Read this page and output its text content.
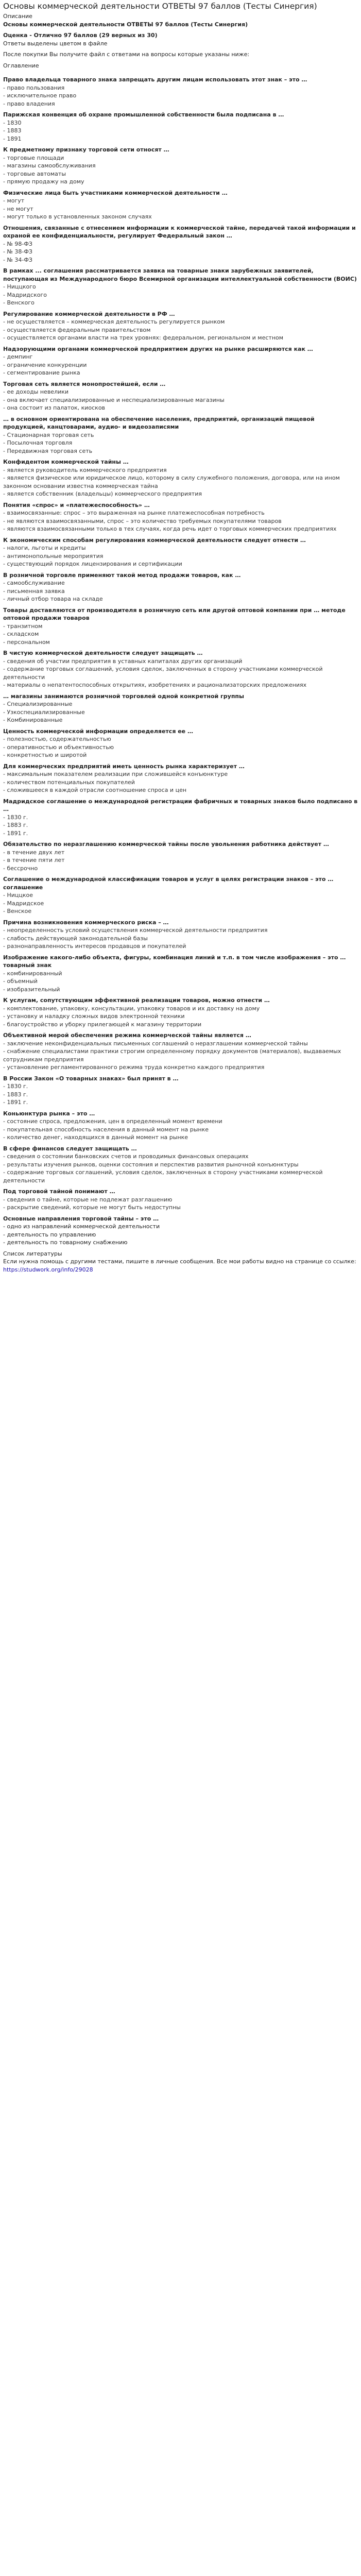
Основы коммерческой деятельности ОТВЕТЫ 97 баллов (Тесты Синергия)

Описание

Основы коммерческой деятельности ОТВЕТЫ 97 баллов (Тесты Синергия)

Оценка - Отлично 97 баллов (29 верных из 30)

Ответы выделены цветом в файле

После покупки Вы получите файл с ответами на вопросы которые указаны ниже:

Оглавление

Право владельца товарного знака запрещать другим лицам использовать этот знак – это …

- право пользования

- исключительное право

- право владения

Парижская конвенция об охране промышленной собственности была подписана в …

- 1830

- 1883

- 1891

К предметному признаку торговой сети относят …

- торговые площади

- магазины самообслуживания

- торговые автоматы

- прямую продажу на дому

Физические лица быть участниками коммерческой деятельности …

- могут

- не могут

- могут только в установленных законом случаях

Отношения, связанные с отнесением информации к коммерческой тайне, передачей такой информации и охраной ее конфиденциальности, регулирует Федеральный закон …

- № 98-ФЗ

- № 38-ФЗ

- № 34-ФЗ

В рамках ... соглашения рассматривается заявка на товарные знаки зарубежных заявителей, поступающая из Международного бюро Всемирной организации интеллектуальной собственности (ВОИС)

- Ниццкого

- Мадридского

- Венского

Регулирование коммерческой деятельности в РФ …

- не осуществляется – коммерческая деятельность регулируется рынком

- осуществляется федеральным правительством

- осуществляется органами власти на трех уровнях: федеральном, региональном и местном

Надзорующими органами коммерческой предприятием других на рынке расширяются как …

- демпинг

- ограничение конкуренции

- сегментирование рынка

Торговая сеть является монопростейшей, если …

- ее доходы невелики

- она включает специализированные и неспециализированные магазины

- она состоит из палаток, киосков

… в основном ориентирована на обеспечение населения, предприятий, организаций пищевой продукцией, канцтоварами, аудио- и видеозаписями

- Стационарная торговая сеть

- Посылочная торговля

- Передвижная торговая сеть

Конфидентом коммерческой тайны …

- является руководитель коммерческого предприятия

- является физическое или юридическое лицо, которому в силу служебного положения, договора, или на ином законном основании известна коммерческая тайна

- является собственник (владельцы) коммерческого предприятия

Понятия «спрос» и «платежеспособность» …

- взаимосвязанные: спрос – это выраженная на рынке платежеспособная потребность

- не являются взаимосвязанными, спрос – это количество требуемых покупателями товаров

- являются взаимосвязанными только в тех случаях, когда речь идет о торговых коммерческих предприятиях

К экономическим способам регулирования коммерческой деятельности следует отнести …

- налоги, льготы и кредиты

- антимонопольные мероприятия

- существующий порядок лицензирования и сертификации

В розничной торговле применяют такой метод продажи товаров, как …

- самообслуживание

- письменная заявка

- личный отбор товара на складе

Товары доставляются от производителя в розничную сеть или другой оптовой компании при … методе оптовой продажи товаров

- транзитном

- складском

- персональном

В чистую коммерческой деятельности следует защищать …

- сведения об участии предприятия в уставных капиталах других организаций

- содержание торговых соглашений, условия сделок, заключенных в сторону участниками коммерческой деятельности

- материалы о непатентоспособных открытиях, изобретениях и рационализаторских предложениях

… магазины занимаются розничной торговлей одной конкретной группы

- Специализированные

- Узкоспециализированные

- Комбинированные

Ценность коммерческой информации определяется ее …

- полезностью, содержательностью

- оперативностью и объективностью

- конкретностью и широтой

Для коммерческих предприятий иметь ценность рынка характеризует …

- максимальным показателем реализации при сложившейся конъюнктуре

- количеством потенциальных покупателей

- сложившееся в каждой отрасли соотношение спроса и цен

Мадридское соглашение о международной регистрации фабричных и товарных знаков было подписано в …

- 1830 г.

- 1883 г.

- 1891 г.

Обязательство по неразглашению коммерческой тайны после увольнения работника действует …

- в течение двух лет

- в течение пяти лет

- бессрочно

Соглашение о международной классификации товаров и услуг в целях регистрации знаков – это … соглашение

- Ниццкое

- Мадридское

- Венское

Причина возникновения коммерческого риска – …

- неопределенность условий осуществления коммерческой деятельности предприятия

- слабость действующей законодательной базы

- разнонаправленность интересов продавцов и покупателей

Изображение какого-либо объекта, фигуры, комбинация линий и т.п. в том числе изображения – это … товарный знак

- комбинированный

- объемный

- изобразительный

К услугам, сопутствующим эффективной реализации товаров, можно отнести …

- комплектование, упаковку, консультации, упаковку товаров и их доставку на дому

- установку и наладку сложных видов электронной техники

- благоустройство и уборку прилегающей к магазину территории

Объективной мерой обеспечения режима коммерческой тайны является …

- заключение неконфиденциальных письменных соглашений о неразглашении коммерческой тайны

- снабжение специалистами практики строгим определенному порядку документов (материалов), выдаваемых сотрудникам предприятия

- установление регламентированного режима труда конкретно каждого предприятия

В России Закон «О товарных знаках» был принят в …

- 1830 г.

- 1883 г.

- 1891 г.

Коньюнктура рынка – это …

- состояние спроса, предложения, цен в определенный момент времени

- покупательная способность населения в данный момент на рынке

- количество денег, находящихся в данный момент на рынке

В сфере финансов следует защищать …

- сведения о состоянии банковских счетов и проводимых финансовых операциях

- результаты изучения рынков, оценки состояния и перспектив развития рыночной конъюнктуры

- содержание торговых соглашений, условия сделок, заключенных в сторону участниками коммерческой деятельности

Под торговой тайной понимают …

- сведения о тайне, которые не подлежат разглашению

- раскрытие сведений, которые не могут быть недоступны

Основные направления торговой тайны – это …

- одно из направлений коммерческой деятельности

- деятельность по управлению

- деятельность по товарному снабжению

Список литературы

Если нужна помощь с другими тестами, пишите в личные сообщения. Все мои работы видно на странице со ссылке:

https://studwork.org/info/29028
